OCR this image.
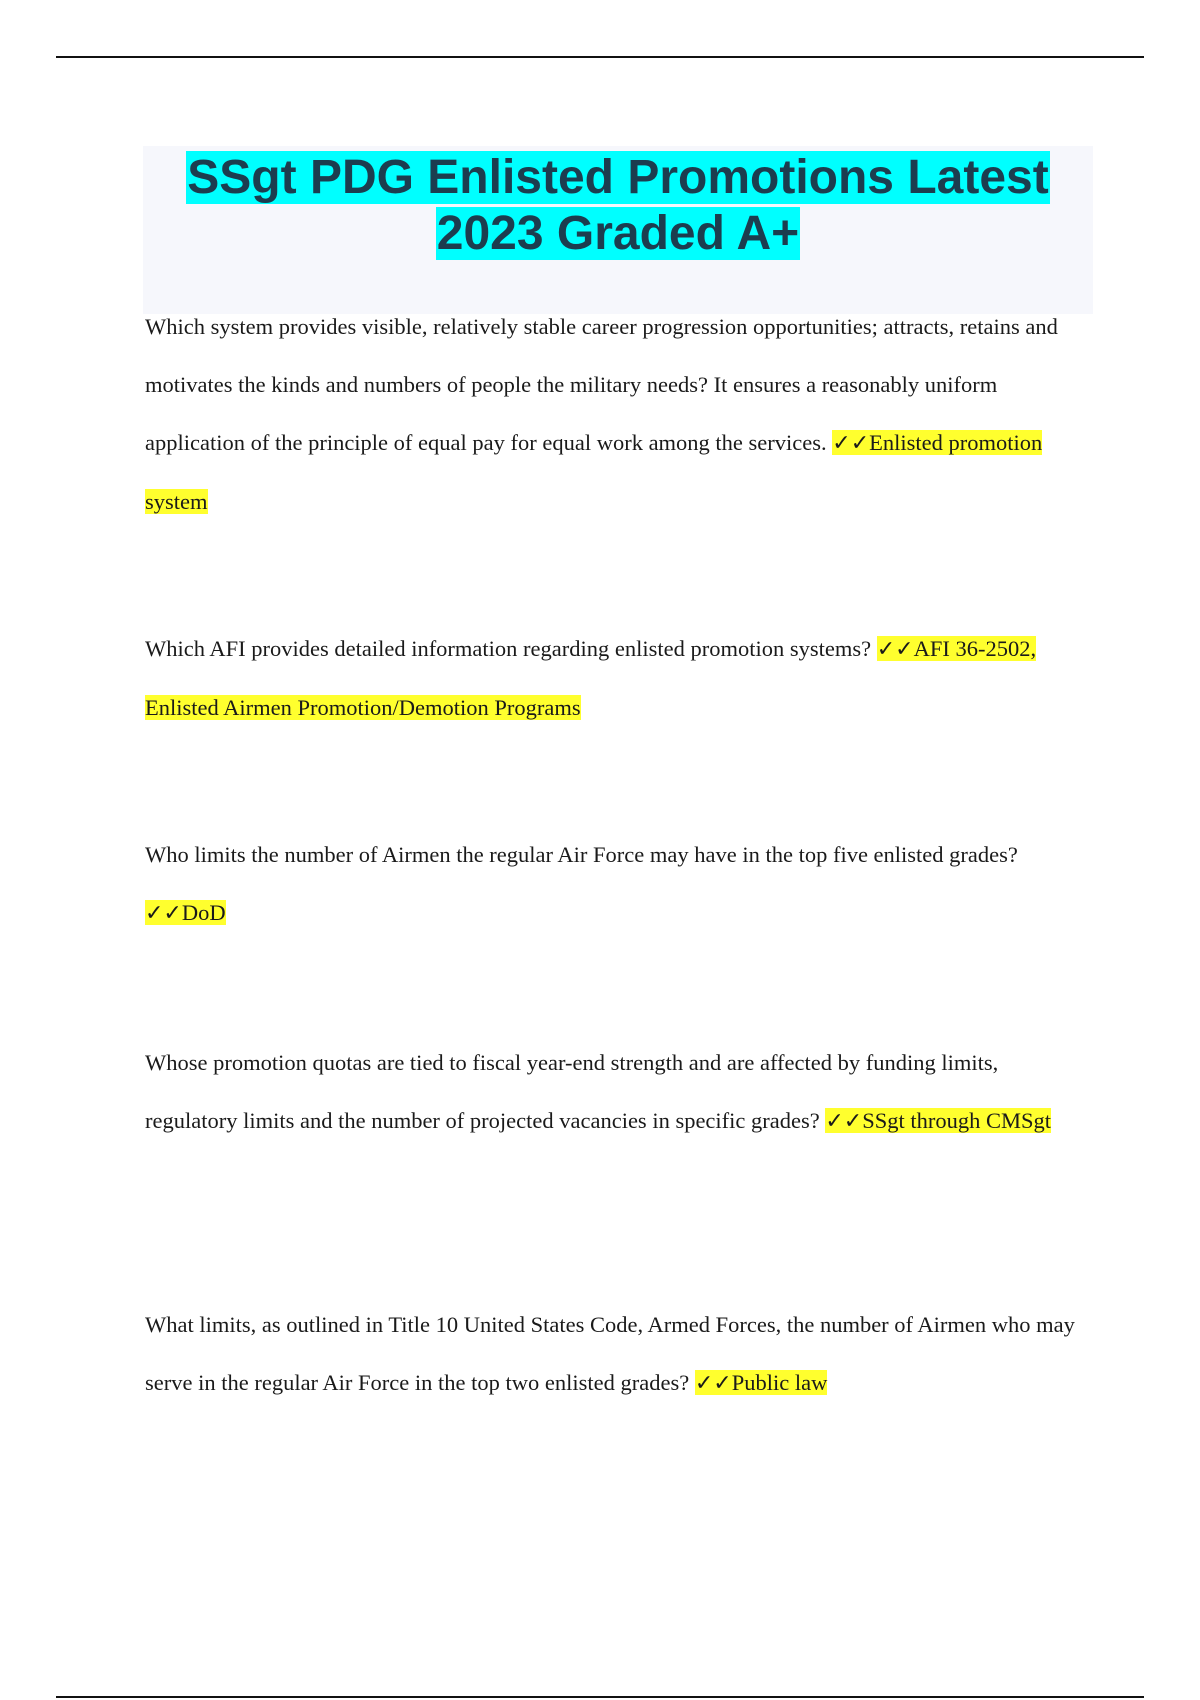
SSgt PDG Enlisted Promotions Latest 2023 Graded A+

Which system provides visible, relatively stable career progression opportunities; attracts, retains and motivates the kinds and numbers of people the military needs? It ensures a reasonably uniform application of the principle of equal pay for equal work among the services. ✓✓Enlisted promotion system

Which AFI provides detailed information regarding enlisted promotion systems? ✓✓AFI 36-2502, Enlisted Airmen Promotion/Demotion Programs

Who limits the number of Airmen the regular Air Force may have in the top five enlisted grades? ✓✓DoD

Whose promotion quotas are tied to fiscal year-end strength and are affected by funding limits, regulatory limits and the number of projected vacancies in specific grades? ✓✓SSgt through CMSgt

What limits, as outlined in Title 10 United States Code, Armed Forces, the number of Airmen who may serve in the regular Air Force in the top two enlisted grades? ✓✓Public law
